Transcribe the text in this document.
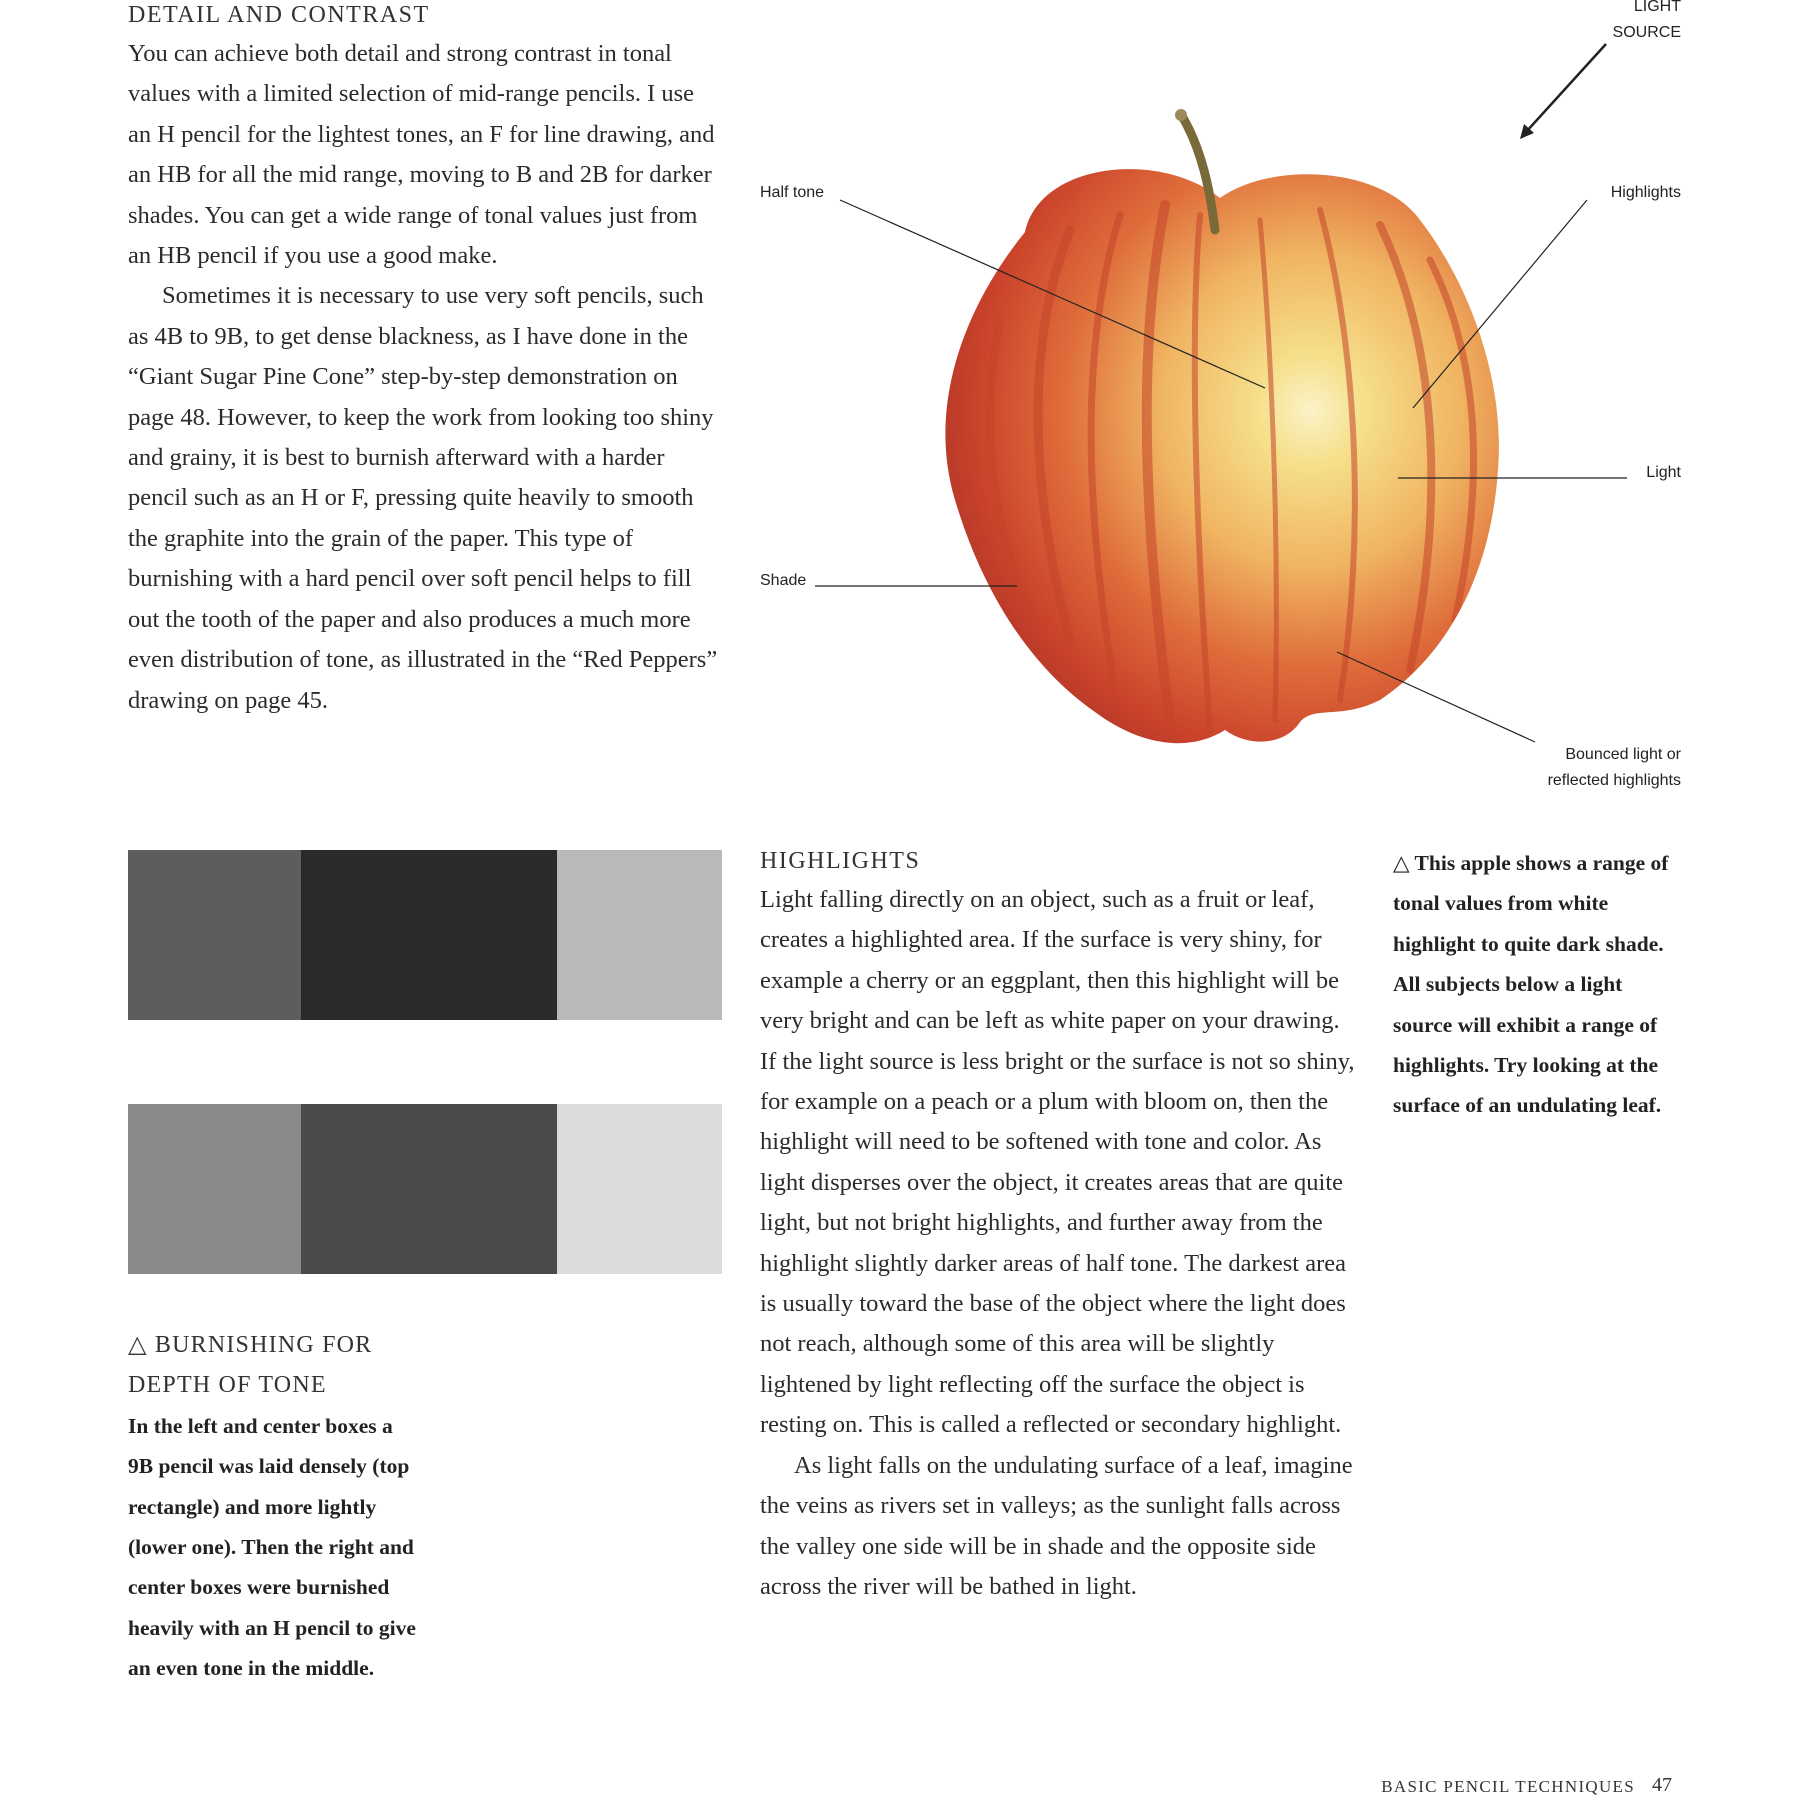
DETAIL AND CONTRAST

You can achieve both detail and strong contrast in tonal values with a limited selection of mid-range pencils. I use an H pencil for the lightest tones, an F for line drawing, and an HB for all the mid range, moving to B and 2B for darker shades. You can get a wide range of tonal values just from an HB pencil if you use a good make.

Sometimes it is necessary to use very soft pencils, such as 4B to 9B, to get dense blackness, as I have done in the “Giant Sugar Pine Cone” step-by-step demonstration on page 48. However, to keep the work from looking too shiny and grainy, it is best to burnish afterward with a harder pencil such as an H or F, pressing quite heavily to smooth the graphite into the grain of the paper. This type of burnishing with a hard pencil over soft pencil helps to fill out the tooth of the paper and also produces a much more even distribution of tone, as illustrated in the “Red Peppers” drawing on page 45.

LIGHT
SOURCE
Half tone	Highlights
Light
Shade
Bounced light or
reflected highlights
△ BURNISHING FOR
DEPTH OF TONE
In the left and center boxes a 9B pencil was laid densely (top rectangle) and more lightly (lower one). Then the right and center boxes were burnished heavily with an H pencil to give an even tone in the middle.
HIGHLIGHTS

Light falling directly on an object, such as a fruit or leaf, creates a highlighted area. If the surface is very shiny, for example a cherry or an eggplant, then this highlight will be very bright and can be left as white paper on your drawing. If the light source is less bright or the surface is not so shiny, for example on a peach or a plum with bloom on, then the highlight will need to be softened with tone and color. As light disperses over the object, it creates areas that are quite light, but not bright highlights, and further away from the highlight slightly darker areas of half tone. The darkest area is usually toward the base of the object where the light does not reach, although some of this area will be slightly lightened by light reflecting off the surface the object is resting on. This is called a reflected or secondary highlight.

As light falls on the undulating surface of a leaf, imagine the veins as rivers set in valleys; as the sunlight falls across the valley one side will be in shade and the opposite side across the river will be bathed in light.

△ This apple shows a range of tonal values from white highlight to quite dark shade. All subjects below a light source will exhibit a range of highlights. Try looking at the surface of an undulating leaf.
BASIC PENCIL TECHNIQUES 47
